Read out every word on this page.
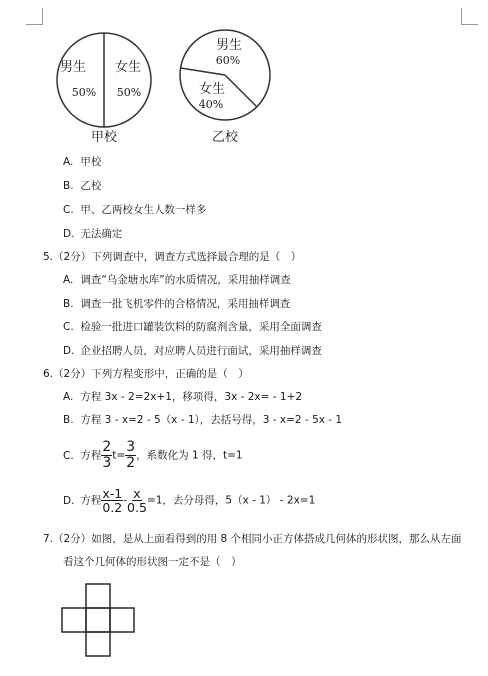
男生
50%
女生
50%
男生
60%
女生
40%
甲校	乙校
A. 甲校
B. 乙校
C. 甲、乙两校女生人数一样多
D. 无法确定
5.（2分）下列调查中，调查方式选择最合理的是（　）
A. 调查“乌金塘水库”的水质情况，采用抽样调查
B. 调查一批飞机零件的合格情况，采用抽样调查
C. 检验一批进口罐装饮料的防腐剂含量，采用全面调查
D. 企业招聘人员，对应聘人员进行面试，采用抽样调查
6.（2分）下列方程变形中，正确的是（　）
A. 方程 3x - 2=2x+1，移项得，3x - 2x= - 1+2
B. 方程 3 - x=2 - 5（x - 1），去括号得，3 - x=2 - 5x - 1
C. 方程 $\frac{2}{3} t= \frac{3}{2}$ ，系数化为 1 得，t=1
D. 方程 $\frac{x-1}{0.2} - \frac{x}{0.5} =1$，去分母得，5（x - 1） - 2x=1
7.（2分）如图，是从上面看得到的用 8 个相同小正方体搭成几何体的形状图，那么从左面
看这个几何体的形状图一定不是（　）
